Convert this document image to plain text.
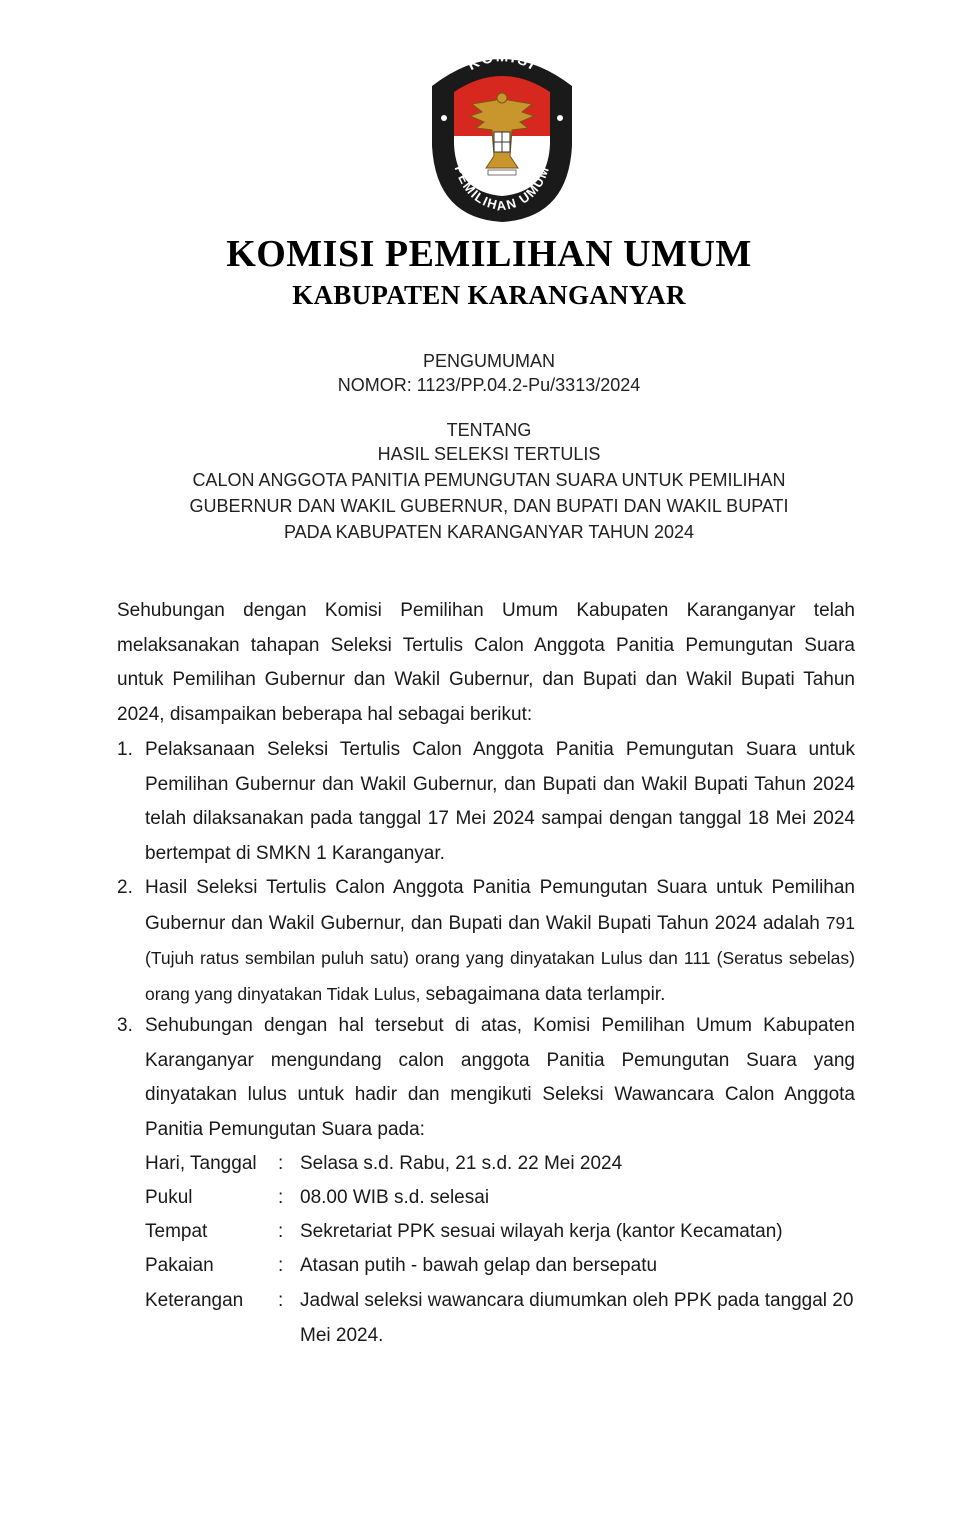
KOMISI
PEMILIHAN UMUM
KOMISI PEMILIHAN UMUM
KABUPATEN KARANGANYAR
PENGUMUMAN
NOMOR: 1123/PP.04.2-Pu/3313/2024
TENTANG
HASIL SELEKSI TERTULIS
CALON ANGGOTA PANITIA PEMUNGUTAN SUARA UNTUK PEMILIHAN
GUBERNUR DAN WAKIL GUBERNUR, DAN BUPATI DAN WAKIL BUPATI
PADA KABUPATEN KARANGANYAR TAHUN 2024
Sehubungan dengan Komisi Pemilihan Umum Kabupaten Karanganyar telah melaksanakan tahapan Seleksi Tertulis Calon Anggota Panitia Pemungutan Suara untuk Pemilihan Gubernur dan Wakil Gubernur, dan Bupati dan Wakil Bupati Tahun 2024, disampaikan beberapa hal sebagai berikut:
1. Pelaksanaan Seleksi Tertulis Calon Anggota Panitia Pemungutan Suara untuk Pemilihan Gubernur dan Wakil Gubernur, dan Bupati dan Wakil Bupati Tahun 2024 telah dilaksanakan pada tanggal 17 Mei 2024 sampai dengan tanggal 18 Mei 2024 bertempat di SMKN 1 Karanganyar.
2. Hasil Seleksi Tertulis Calon Anggota Panitia Pemungutan Suara untuk Pemilihan Gubernur dan Wakil Gubernur, dan Bupati dan Wakil Bupati Tahun 2024 adalah 791 (Tujuh ratus sembilan puluh satu) orang yang dinyatakan Lulus dan 111 (Seratus sebelas) orang yang dinyatakan Tidak Lulus, sebagaimana data terlampir.
3. Sehubungan dengan hal tersebut di atas, Komisi Pemilihan Umum Kabupaten Karanganyar mengundang calon anggota Panitia Pemungutan Suara yang dinyatakan lulus untuk hadir dan mengikuti Seleksi Wawancara Calon Anggota Panitia Pemungutan Suara pada:
Hari, Tanggal : Selasa s.d. Rabu, 21 s.d. 22 Mei 2024
Pukul	: 08.00 WIB s.d. selesai
Tempat	: Sekretariat PPK sesuai wilayah kerja (kantor Kecamatan)
Pakaian	: Atasan putih - bawah gelap dan bersepatu
Keterangan : Jadwal seleksi wawancara diumumkan oleh PPK pada tanggal 20 Mei 2024.
